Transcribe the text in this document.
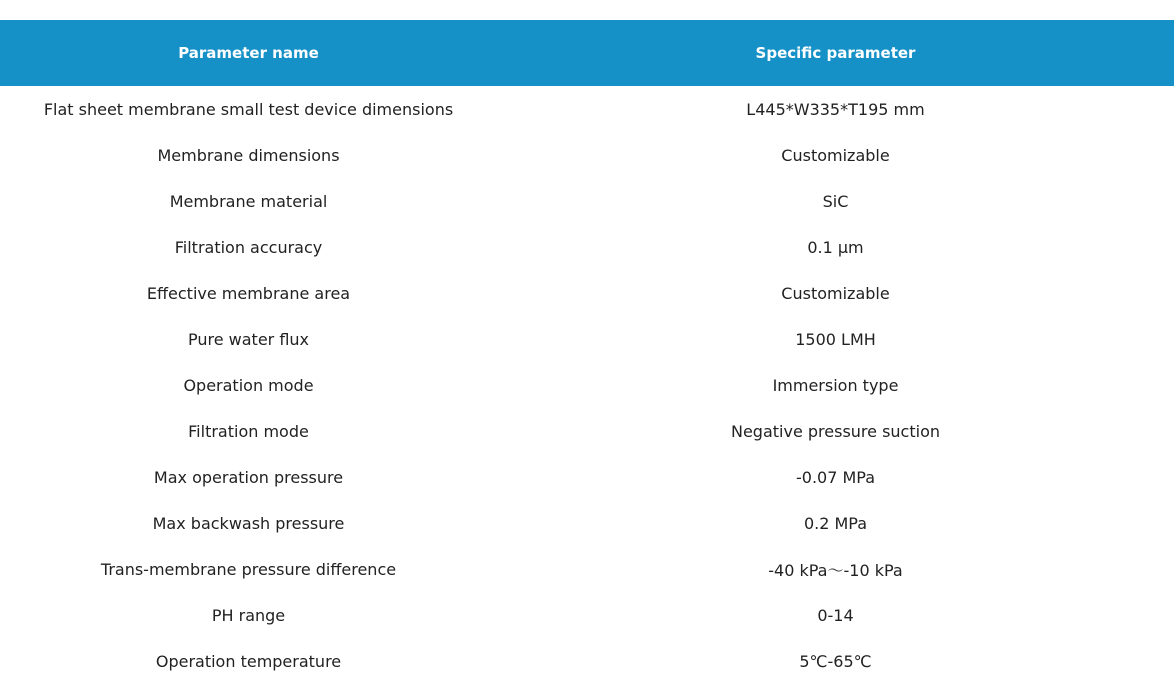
Parameter name	Specific parameter
Flat sheet membrane small test device dimensions	L445*W335*T195 mm
Membrane dimensions	Customizable
Membrane material	SiC
Filtration accuracy	0.1 μm
Effective membrane area	Customizable
Pure water flux	1500 LMH
Operation mode	Immersion type
Filtration mode	Negative pressure suction
Max operation pressure	-0.07 MPa
Max backwash pressure	0.2 MPa
Trans-membrane pressure difference	-40 kPa～-10 kPa
PH range	0-14
Operation temperature	5℃-65℃
